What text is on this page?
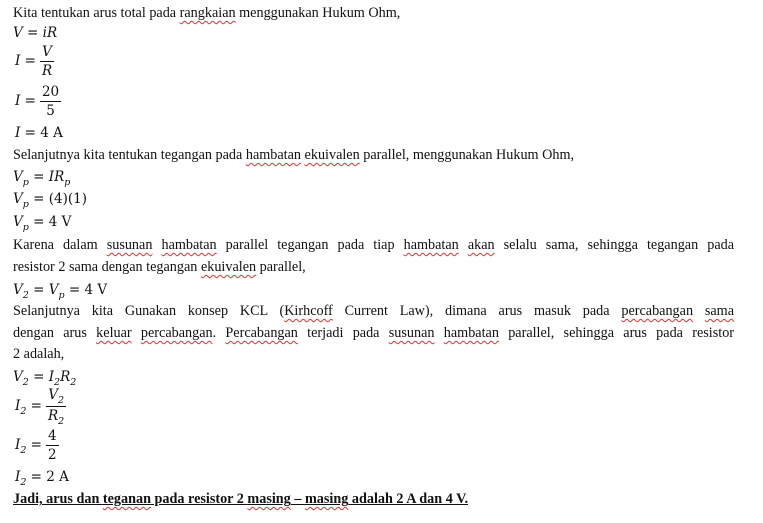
Kita tentukan arus total pada rangkaian menggunakan Hukum Ohm,
V = iR
$I = \frac{V}{R}$
$I = \frac{20}{5}$
I = 4 A
Selanjutnya kita tentukan tegangan pada hambatan ekuivalen parallel, menggunakan Hukum Ohm,
$V_p = IR_p$
$V_p = (4)(1)$
$V_p = 4$ V
Karena dalam susunan hambatan parallel tegangan pada tiap hambatan akan selalu sama, sehingga tegangan pada
resistor 2 sama dengan tegangan ekuivalen parallel,
$V_2 = V_p = 4$ V
Selanjutnya kita Gunakan konsep KCL (Kirhcoff Current Law), dimana arus masuk pada percabangan sama
dengan arus keluar percabangan. Percabangan terjadi pada susunan hambatan parallel, sehingga arus pada resistor
2 adalah,
$V_2 = I_2R_2$
$I_2 = \frac{V_2}{R_2}$
$I_2 = \frac{4}{2}$
$I_2 = 2$ A
Jadi, arus dan teganan pada resistor 2 masing – masing adalah 2 A dan 4 V.
